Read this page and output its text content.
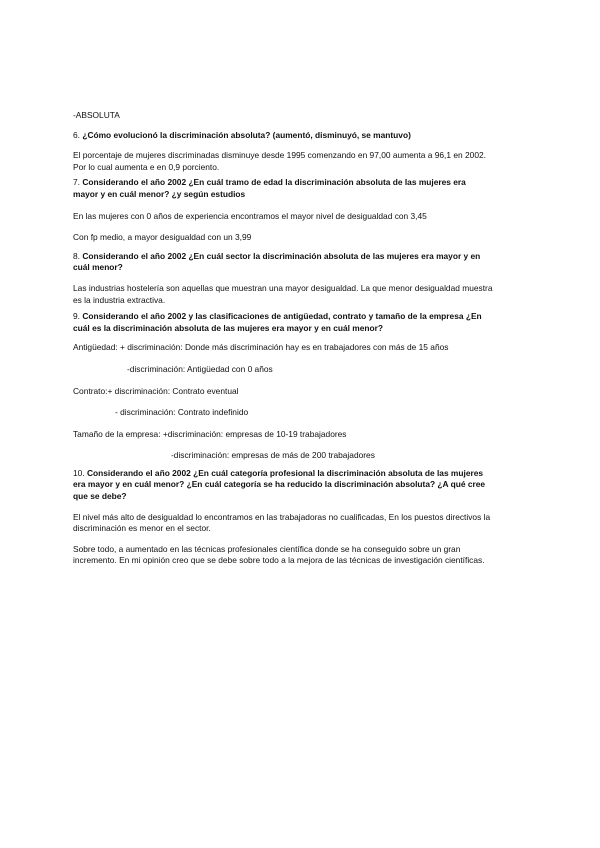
-ABSOLUTA
6. ¿Cómo evolucionó la discriminación absoluta? (aumentó, disminuyó, se mantuvo)
El porcentaje de mujeres discriminadas disminuye desde 1995 comenzando en 97,00 aumenta a 96,1 en 2002.
Por lo cual aumenta e en 0,9 porciento.
7. Considerando el año 2002 ¿En cuál tramo de edad la discriminación absoluta de las mujeres era
mayor y en cuál menor? ¿y según estudios
En las mujeres con 0 años de experiencia encontramos el mayor nivel de desigualdad con 3,45
Con fp medio, a mayor desigualdad con un 3,99
8. Considerando el año 2002 ¿En cuál sector la discriminación absoluta de las mujeres era mayor y en
cuál menor?
Las industrias hostelería son aquellas que muestran una mayor desigualdad. La que menor desigualdad muestra
es la industria extractiva.
9. Considerando el año 2002 y las clasificaciones de antigüedad, contrato y tamaño de la empresa ¿En
cuál es la discriminación absoluta de las mujeres era mayor y en cuál menor?
Antigüedad: + discriminación: Donde más discriminación hay es en trabajadores con más de 15 años
-discriminación: Antigüedad con 0 años
Contrato:+ discriminación: Contrato eventual
- discriminación: Contrato indefinido
Tamaño de la empresa: +discriminación: empresas de 10-19 trabajadores
-discriminación: empresas de más de 200 trabajadores
10. Considerando el año 2002 ¿En cuál categoría profesional la discriminación absoluta de las mujeres
era mayor y en cuál menor? ¿En cuál categoría se ha reducido la discriminación absoluta? ¿A qué cree
que se debe?
El nivel más alto de desigualdad lo encontramos en las trabajadoras no cualificadas, En los puestos directivos la
discriminación es menor en el sector.
Sobre todo, a aumentado en las técnicas profesionales científica donde se ha conseguido sobre un gran
incremento. En mi opinión creo que se debe sobre todo a la mejora de las técnicas de investigación científicas.
